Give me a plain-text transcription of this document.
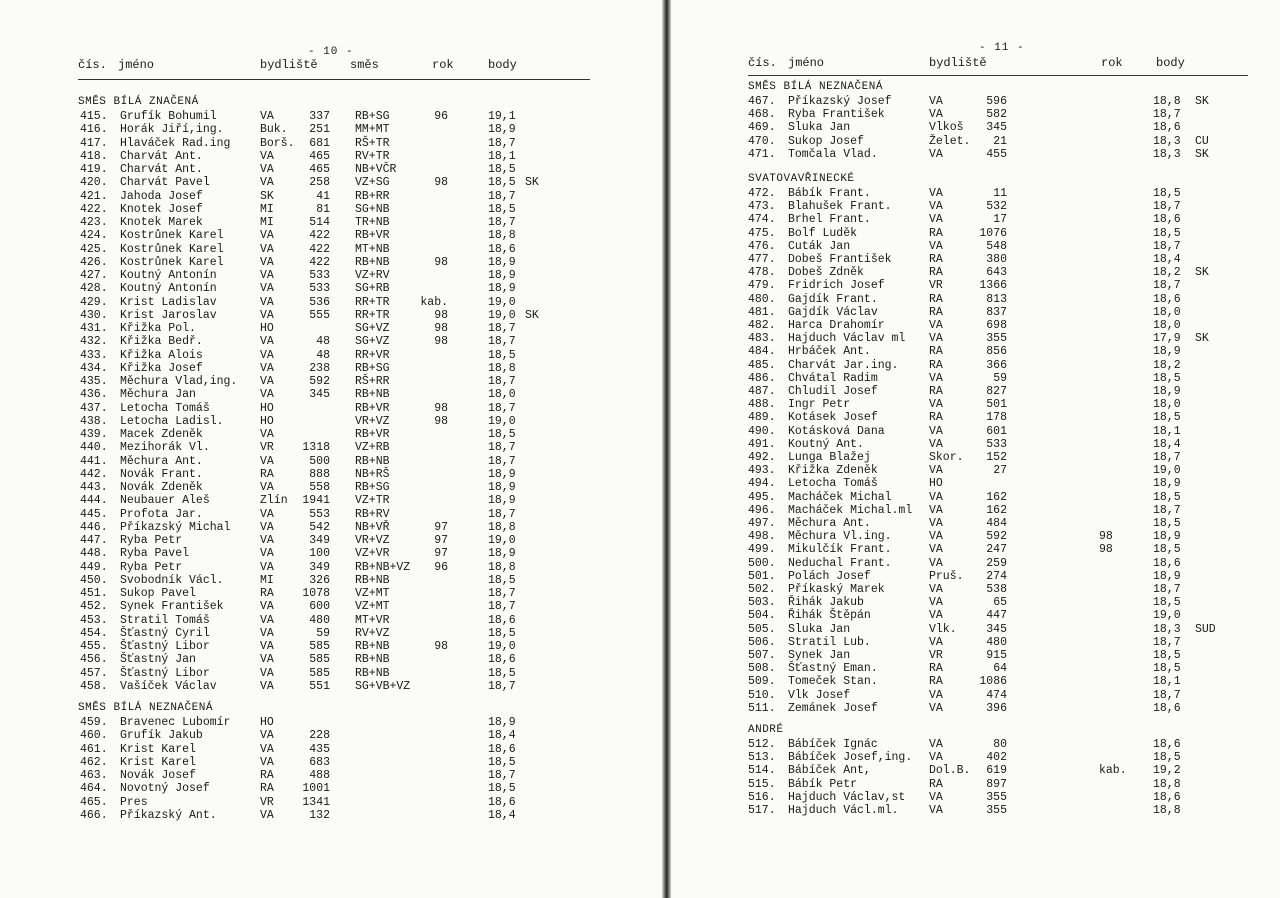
- 10 -
čís. jméno	bydliště	směs	rok	body
SMĚS BÍLÁ ZNAČENÁ
415. Grufík Bohumil	VA	337 RB+SG	96	19,1
416. Horák Jiří,ing.	Buk. 251 MM+MT	18,9
417. Hlaváček Rad.ing	Borš. 681 RŠ+TR	18,7
418. Charvát Ant.	VA	465 RV+TR	18,1
419. Charvát Ant.	VA	465 NB+VČR	18,5
420. Charvát Pavel	VA	258 VZ+SG	98	18,5 SK
421. Jahoda Josef	SK	41 RB+RR	18,7
422. Knotek Josef	MI	81 SG+NB	18,5
423. Knotek Marek	MI	514 TR+NB	18,7
424. Kostrůnek Karel	VA	422 RB+VR	18,8
425. Kostrůnek Karel	VA	422 MT+NB	18,6
426. Kostrůnek Karel	VA	422 RB+NB	98	18,9
427. Koutný Antonín	VA	533 VZ+RV	18,9
428. Koutný Antonín	VA	533 SG+RB	18,9
429. Krist Ladislav	VA	536 RR+TR	kab.	19,0
430. Krist Jaroslav	VA	555 RR+TR	98	19,0 SK
431. Křižka Pol.	HO	SG+VZ	98	18,7
432. Křižka Bedř.	VA	48 SG+VZ	98	18,7
433. Křižka Alois	VA	48 RR+VR	18,5
434. Křižka Josef	VA	238 RB+SG	18,8
435. Měchura Vlad,ing. VA	592 RŠ+RR	18,7
436. Měchura Jan	VA	345 RB+NB	18,0
437. Letocha Tomáš	HO	RB+VR	98	18,7
438. Letocha Ladisl.	HO	VR+VZ	98	19,0
439. Macek Zdeněk	VA	RB+VR	18,5
440. Mezihorák Vl.	VR 1318 VZ+RB	18,7
441. Měchura Ant.	VA	500 RB+NB	18,7
442. Novák Frant.	RA	888 NB+RŠ	18,9
443. Novák Zdeněk	VA	558 RB+SG	18,9
444. Neubauer Aleš	Zlín 1941 VZ+TR	18,9
445. Profota Jar.	VA	553 RB+RV	18,7
446. Příkazský Michal	VA	542 NB+VŘ	97	18,8
447. Ryba Petr	VA	349 VR+VZ	97	19,0
448. Ryba Pavel	VA	100 VZ+VR	97	18,9
449. Ryba Petr	VA	349 RB+NB+VZ 96	18,8
450. Svobodník Václ.	MI	326 RB+NB	18,5
451. Sukop Pavel	RA 1078 VZ+MT	18,7
452. Synek František	VA	600 VZ+MT	18,7
453. Stratil Tomáš	VA	480 MT+VR	18,6
454. Šťastný Cyril	VA	59 RV+VZ	18,5
455. Šťastný Libor	VA	585 RB+NB	98	19,0
456. Šťastný Jan	VA	585 RB+NB	18,6
457. Šťastný Libor	VA	585 RB+NB	18,5
458. Vašíček Václav	VA	551 SG+VB+VZ	18,7
SMĚS BÍLÁ NEZNAČENÁ
459. Bravenec Lubomír	HO	18,9
460. Grufík Jakub	VA	228	18,4
461. Krist Karel	VA	435	18,6
462. Krist Karel	VA	683	18,5
463. Novák Josef	RA	488	18,7
464. Novotný Josef	RA 1001	18,5
465. Pres	VR 1341	18,6
466. Příkazský Ant.	VA	132	18,4
- 11 -
čís. jméno	bydliště	rok	body
SMĚS BÍLÁ NEZNAČENÁ
467. Příkazský Josef	VA	596	18,8 SK
468. Ryba František	VA	582	18,7
469. Sluka Jan	Vlkoš 345	18,6
470. Sukop Josef	Želet. 21	18,3 CU
471. Tomčala Vlad.	VA	455	18,3 SK
SVATOVAVŘINECKÉ
472. Bábík Frant.	VA	11	18,5
473. Blahušek Frant.	VA	532	18,7
474. Brhel Frant.	VA	17	18,6
475. Bolf Luděk	RA	1076	18,5
476. Cuták Jan	VA	548	18,7
477. Dobeš František	RA	380	18,4
478. Dobeš Zdněk	RA	643	18,2 SK
479. Fridrich Josef	VR	1366	18,7
480. Gajdík Frant.	RA	813	18,6
481. Gajdík Václav	RA	837	18,0
482. Harca Drahomír	VA	698	18,0
483. Hajduch Václav ml VA	355	17,9 SK
484. Hrbáček Ant.	RA	856	18,9
485. Charvát Jar.ing.	RA	366	18,2
486. Chvátal Radim	VA	59	18,5
487. Chludil Josef	RA	827	18,9
488. Ingr Petr	VA	501	18,0
489. Kotásek Josef	RA	178	18,5
490. Kotásková Dana	VA	601	18,1
491. Koutný Ant.	VA	533	18,4
492. Lunga Blažej	Skor. 152	18,7
493. Křižka Zdeněk	VA	27	19,0
494. Letocha Tomáš	HO	18,9
495. Macháček Michal	VA	162	18,5
496. Macháček Michal.ml VA	162	18,7
497. Měchura Ant.	VA	484	18,5
498. Měchura Vl.ing.	VA	592	98	18,9
499. Mikulčík Frant.	VA	247	98	18,5
500. Neduchal Frant.	VA	259	18,6
501. Polách Josef	Pruš. 274	18,9
502. Příkaský Marek	VA	538	18,7
503. Řihák Jakub	VA	65	18,5
504. Řihák Štěpán	VA	447	19,0
505. Sluka Jan	Vlk.	345	18,3 SUD
506. Stratil Lub.	VA	480	18,7
507. Synek Jan	VR	915	18,5
508. Šťastný Eman.	RA	64	18,5
509. Tomeček Stan.	RA	1086	18,1
510. Vlk Josef	VA	474	18,7
511. Zemánek Josef	VA	396	18,6
ANDRÉ
512. Bábíček Ignác	VA	80	18,6
513. Bábíček Josef,ing. VA	402	18,5
514. Bábíček Ant,	Dol.B. 619	kab. 19,2
515. Bábík Petr	RA	897	18,8
516. Hajduch Václav,st VA	355	18,6
517. Hajduch Václ.ml.	VA	355	18,8
